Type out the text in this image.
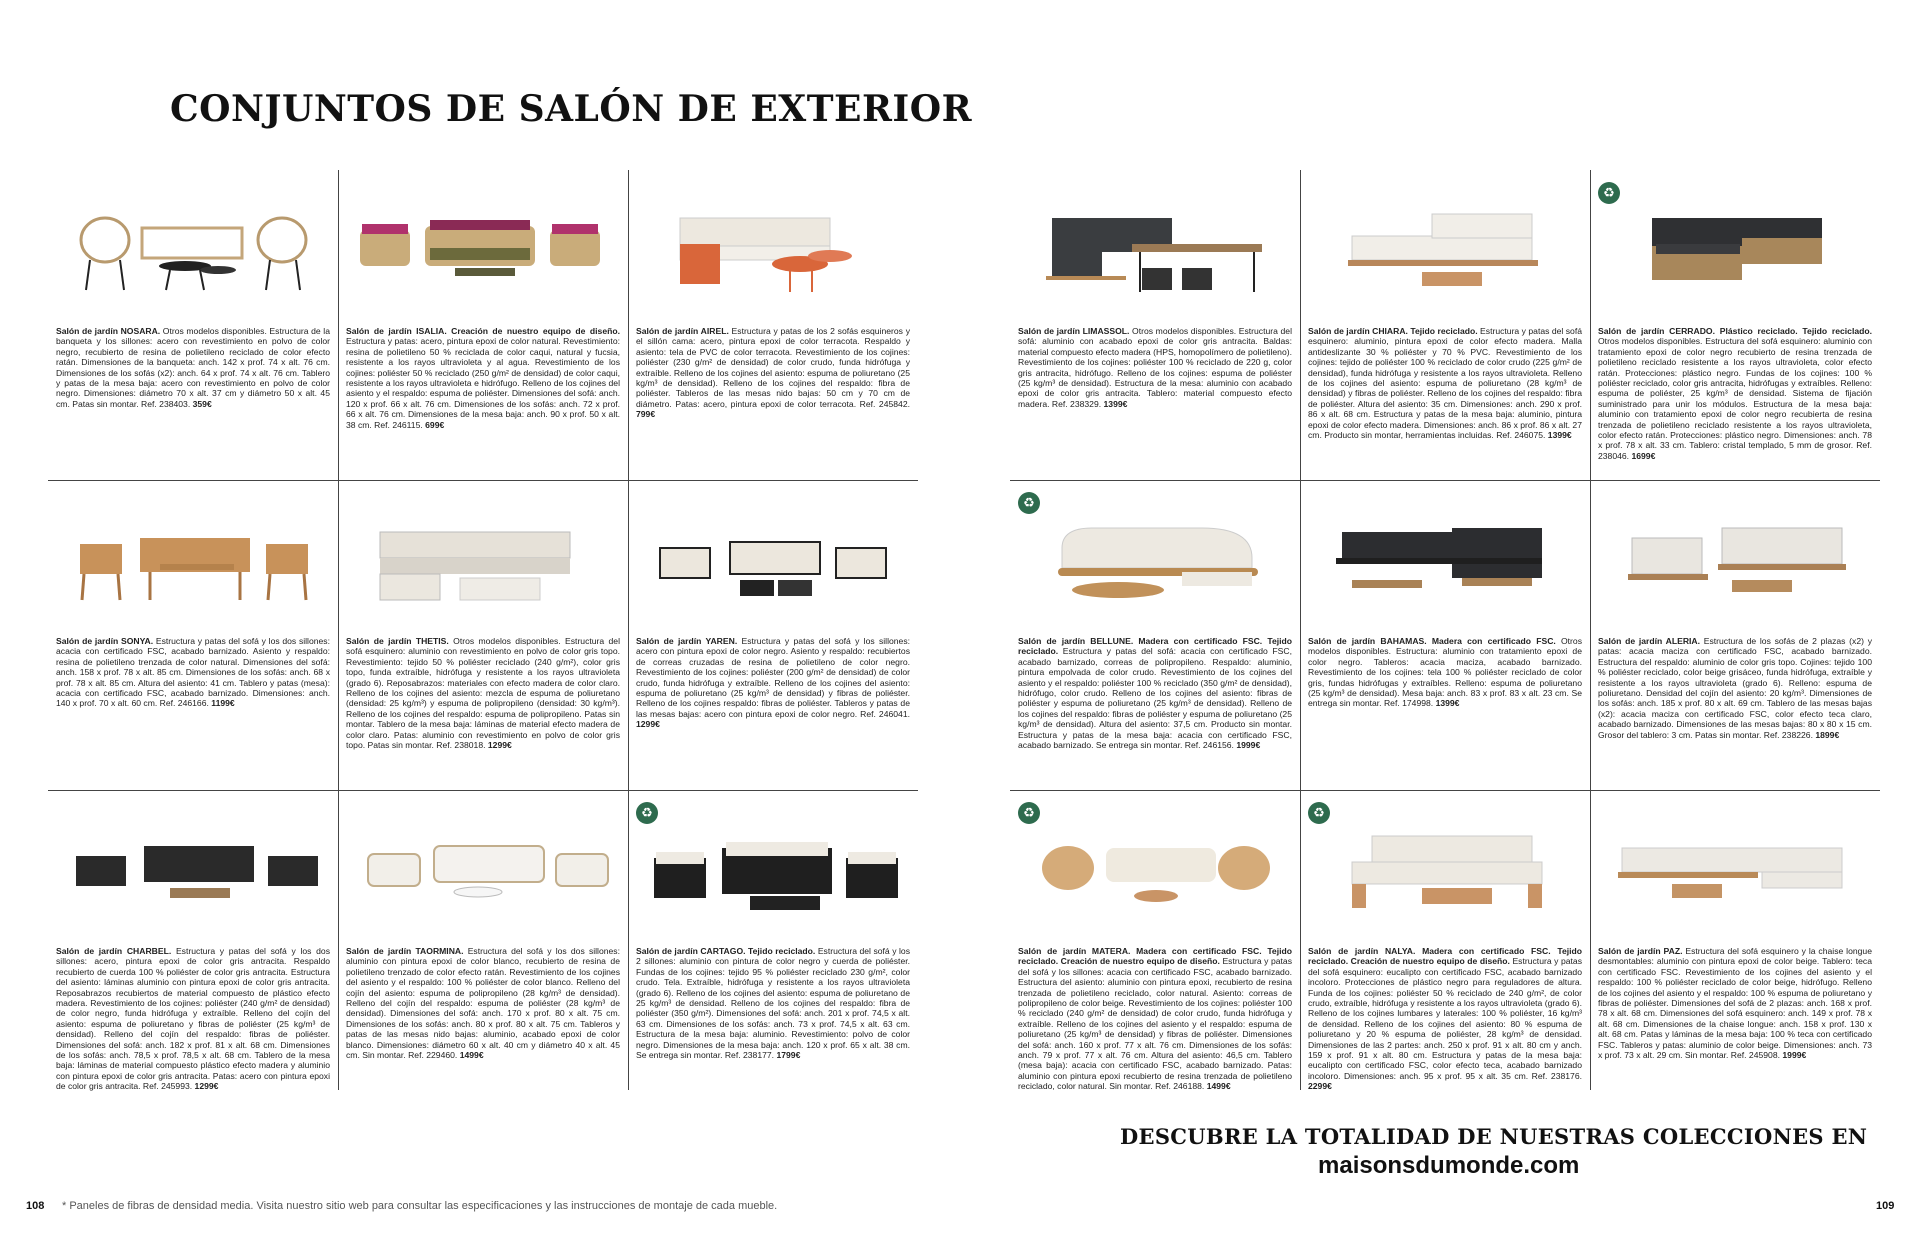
CONJUNTOS DE SALÓN DE EXTERIOR

Salón de jardín NOSARA. Otros modelos disponibles. Estructura de la banqueta y los sillones: acero con revestimiento en polvo de color negro, recubierto de resina de polietileno reciclado de color efecto ratán. Dimensiones de la banqueta: anch. 142 x prof. 74 x alt. 76 cm. Dimensiones de los sofás (x2): anch. 64 x prof. 74 x alt. 76 cm. Tablero y patas de la mesa baja: acero con revestimiento en polvo de color negro. Dimensiones: diámetro 70 x alt. 37 cm y diámetro 50 x alt. 45 cm. Patas sin montar. Ref. 238403. 359€

Salón de jardín ISALIA. Creación de nuestro equipo de diseño. Estructura y patas: acero, pintura epoxi de color natural. Revestimiento: resina de polietileno 50 % reciclada de color caqui, natural y fucsia, resistente a los rayos ultravioleta y al agua. Revestimiento de los cojines: poliéster 50 % reciclado (250 g/m² de densidad) de color caqui, resistente a los rayos ultravioleta e hidrófugo. Relleno de los cojines del asiento y el respaldo: espuma de poliéster. Dimensiones del sofá: anch. 120 x prof. 66 x alt. 76 cm. Dimensiones de los sofás: anch. 72 x prof. 66 x alt. 76 cm. Dimensiones de la mesa baja: anch. 90 x prof. 50 x alt. 38 cm. Ref. 246115. 699€

Salón de jardín AIREL. Estructura y patas de los 2 sofás esquineros y el sillón cama: acero, pintura epoxi de color terracota. Respaldo y asiento: tela de PVC de color terracota. Revestimiento de los cojines: poliéster (230 g/m² de densidad) de color crudo, funda hidrófuga y extraíble. Relleno de los cojines del asiento: espuma de poliuretano (25 kg/m³ de densidad). Relleno de los cojines del respaldo: fibra de poliéster. Tableros de las mesas nido bajas: 50 cm y 70 cm de diámetro. Patas: acero, pintura epoxi de color terracota. Ref. 245842. 799€

Salón de jardín SONYA. Estructura y patas del sofá y los dos sillones: acacia con certificado FSC, acabado barnizado. Asiento y respaldo: resina de polietileno trenzada de color natural. Dimensiones del sofá: anch. 158 x prof. 78 x alt. 85 cm. Dimensiones de los sofás: anch. 68 x prof. 78 x alt. 85 cm. Altura del asiento: 41 cm. Tablero y patas (mesa): acacia con certificado FSC, acabado barnizado. Dimensiones: anch. 140 x prof. 70 x alt. 60 cm. Ref. 246166. 1199€

Salón de jardín THETIS. Otros modelos disponibles. Estructura del sofá esquinero: aluminio con revestimiento en polvo de color gris topo. Revestimiento: tejido 50 % poliéster reciclado (240 g/m²), color gris topo, funda extraíble, hidrófuga y resistente a los rayos ultravioleta (grado 6). Reposabrazos: materiales con efecto madera de color claro. Relleno de los cojines del asiento: mezcla de espuma de poliuretano (densidad: 25 kg/m³) y espuma de polipropileno (densidad: 30 kg/m³). Relleno de los cojines del respaldo: espuma de polipropileno. Patas sin montar. Tablero de la mesa baja: láminas de material efecto madera de color claro. Patas: aluminio con revestimiento en polvo de color gris topo. Patas sin montar. Ref. 238018. 1299€

Salón de jardín YAREN. Estructura y patas del sofá y los sillones: acero con pintura epoxi de color negro. Asiento y respaldo: recubiertos de correas cruzadas de resina de polietileno de color negro. Revestimiento de los cojines: poliéster (200 g/m² de densidad) de color crudo, funda hidrófuga y extraíble. Relleno de los cojines del asiento: espuma de poliuretano (25 kg/m³ de densidad) y fibras de poliéster. Relleno de los cojines respaldo: fibras de poliéster. Tableros y patas de las mesas bajas: acero con pintura epoxi de color negro. Ref. 246041. 1299€

Salón de jardín CHARBEL. Estructura y patas del sofá y los dos sillones: acero, pintura epoxi de color gris antracita. Respaldo recubierto de cuerda 100 % poliéster de color gris antracita. Estructura del asiento: láminas aluminio con pintura epoxi de color gris antracita. Reposabrazos recubiertos de material compuesto de plástico efecto madera. Revestimiento de los cojines: poliéster (240 g/m² de densidad) de color negro, funda hidrófuga y extraíble. Relleno del cojín del asiento: espuma de poliuretano y fibras de poliéster (25 kg/m³ de densidad). Relleno del cojín del respaldo: fibras de poliéster. Dimensiones del sofá: anch. 182 x prof. 81 x alt. 68 cm. Dimensiones de los sofás: anch. 78,5 x prof. 78,5 x alt. 68 cm. Tablero de la mesa baja: láminas de material compuesto plástico efecto madera y aluminio con pintura epoxi de color gris antracita. Patas: acero con pintura epoxi de color gris antracita. Ref. 245993. 1299€

Salón de jardín TAORMINA. Estructura del sofá y los dos sillones: aluminio con pintura epoxi de color blanco, recubierto de resina de polietileno trenzado de color efecto ratán. Revestimiento de los cojines del asiento y el respaldo: 100 % poliéster de color blanco. Relleno del cojín del asiento: espuma de polipropileno (28 kg/m³ de densidad). Relleno del cojín del respaldo: espuma de poliéster (28 kg/m³ de densidad). Dimensiones del sofá: anch. 170 x prof. 80 x alt. 75 cm. Dimensiones de los sofás: anch. 80 x prof. 80 x alt. 75 cm. Tableros y patas de las mesas nido bajas: aluminio, acabado epoxi de color blanco. Dimensiones: diámetro 60 x alt. 40 cm y diámetro 40 x alt. 45 cm. Sin montar. Ref. 229460. 1499€

♻

Salón de jardín CARTAGO. Tejido reciclado. Estructura del sofá y los 2 sillones: aluminio con pintura de color negro y cuerda de poliéster. Fundas de los cojines: tejido 95 % poliéster reciclado 230 g/m², color crudo. Tela. Extraíble, hidrófuga y resistente a los rayos ultravioleta (grado 6). Relleno de los cojines del asiento: espuma de poliuretano de 25 kg/m³ de densidad. Relleno de los cojines del respaldo: fibra de poliéster (350 g/m²). Dimensiones del sofá: anch. 201 x prof. 74,5 x alt. 63 cm. Dimensiones de los sofás: anch. 73 x prof. 74,5 x alt. 63 cm. Estructura de la mesa baja: aluminio. Revestimiento: polvo de color negro. Dimensiones de la mesa baja: anch. 120 x prof. 65 x alt. 38 cm. Se entrega sin montar. Ref. 238177. 1799€

Salón de jardín LIMASSOL. Otros modelos disponibles. Estructura del sofá: aluminio con acabado epoxi de color gris antracita. Baldas: material compuesto efecto madera (HPS, homopolímero de polietileno). Revestimiento de los cojines: poliéster 100 % reciclado de 220 g, color gris antracita, hidrófugo. Relleno de los cojines: espuma de poliéster (25 kg/m³ de densidad). Estructura de la mesa: aluminio con acabado epoxi de color gris antracita. Tablero: material compuesto efecto madera. Ref. 238329. 1399€

Salón de jardín CHIARA. Tejido reciclado. Estructura y patas del sofá esquinero: aluminio, pintura epoxi de color efecto madera. Malla antideslizante 30 % poliéster y 70 % PVC. Revestimiento de los cojines: tejido de poliéster 100 % reciclado de color crudo (225 g/m² de densidad), funda hidrófuga y resistente a los rayos ultravioleta. Relleno de los cojines del asiento: espuma de poliuretano (28 kg/m³ de densidad) y fibras de poliéster. Relleno de los cojines del respaldo: fibra de poliéster. Altura del asiento: 35 cm. Dimensiones: anch. 290 x prof. 86 x alt. 68 cm. Estructura y patas de la mesa baja: aluminio, pintura epoxi de color efecto madera. Dimensiones: anch. 86 x prof. 86 x alt. 27 cm. Producto sin montar, herramientas incluidas. Ref. 246075. 1399€

♻

Salón de jardín CERRADO. Plástico reciclado. Tejido reciclado. Otros modelos disponibles. Estructura del sofá esquinero: aluminio con tratamiento epoxi de color negro recubierto de resina trenzada de polietileno reciclado resistente a los rayos ultravioleta, color efecto ratán. Protecciones: plástico negro. Fundas de los cojines: 100 % poliéster reciclado, color gris antracita, hidrófugas y extraíbles. Relleno: espuma de poliéster, 25 kg/m³ de densidad. Sistema de fijación suministrado para unir los módulos. Estructura de la mesa baja: aluminio con tratamiento epoxi de color negro recubierta de resina trenzada de polietileno reciclado resistente a los rayos ultravioleta, color efecto ratán. Protecciones: plástico negro. Dimensiones: anch. 78 x prof. 78 x alt. 33 cm. Tablero: cristal templado, 5 mm de grosor. Ref. 238046. 1699€

♻

Salón de jardín BELLUNE. Madera con certificado FSC. Tejido reciclado. Estructura y patas del sofá: acacia con certificado FSC, acabado barnizado, correas de polipropileno. Respaldo: aluminio, pintura empolvada de color crudo. Revestimiento de los cojines del asiento y el respaldo: poliéster 100 % reciclado (350 g/m² de densidad), hidrófugo, color crudo. Relleno de los cojines del asiento: fibras de poliéster y espuma de poliuretano (25 kg/m³ de densidad). Relleno de los cojines del respaldo: fibras de poliéster y espuma de poliuretano (25 kg/m³ de densidad). Altura del asiento: 37,5 cm. Producto sin montar. Estructura y patas de la mesa baja: acacia con certificado FSC, acabado barnizado. Se entrega sin montar. Ref. 246156. 1999€

Salón de jardín BAHAMAS. Madera con certificado FSC. Otros modelos disponibles. Estructura: aluminio con tratamiento epoxi de color negro. Tableros: acacia maciza, acabado barnizado. Revestimiento de los cojines: tela 100 % poliéster reciclado de color gris, fundas hidrófugas y extraíbles. Relleno: espuma de poliuretano (25 kg/m³ de densidad). Mesa baja: anch. 83 x prof. 83 x alt. 23 cm. Se entrega sin montar. Ref. 174998. 1399€

Salón de jardín ALERIA. Estructura de los sofás de 2 plazas (x2) y patas: acacia maciza con certificado FSC, acabado barnizado. Estructura del respaldo: aluminio de color gris topo. Cojines: tejido 100 % poliéster reciclado, color beige grisáceo, funda hidrófuga, extraíble y resistente a los rayos ultravioleta (grado 6). Relleno: espuma de poliuretano. Densidad del cojín del asiento: 20 kg/m³. Dimensiones de los sofás: anch. 185 x prof. 80 x alt. 69 cm. Tablero de las mesas bajas (x2): acacia maciza con certificado FSC, color efecto teca claro, acabado barnizado. Dimensiones de las mesas bajas: 80 x 80 x 15 cm. Grosor del tablero: 3 cm. Patas sin montar. Ref. 238226. 1899€

♻

Salón de jardín MATERA. Madera con certificado FSC. Tejido reciclado. Creación de nuestro equipo de diseño. Estructura y patas del sofá y los sillones: acacia con certificado FSC, acabado barnizado. Estructura del asiento: aluminio con pintura epoxi, recubierto de resina trenzada de polietileno reciclado, color natural. Asiento: correas de polipropileno de color beige. Revestimiento de los cojines: poliéster 100 % reciclado (240 g/m² de densidad) de color crudo, funda hidrófuga y extraíble. Relleno de los cojines del asiento y el respaldo: espuma de poliuretano (25 kg/m³ de densidad) y fibras de poliéster. Dimensiones del sofá: anch. 160 x prof. 77 x alt. 76 cm. Dimensiones de los sofás: anch. 79 x prof. 77 x alt. 76 cm. Altura del asiento: 46,5 cm. Tablero (mesa baja): acacia con certificado FSC, acabado barnizado. Patas: aluminio con pintura epoxi recubierto de resina trenzada de polietileno reciclado, color natural. Sin montar. Ref. 246188. 1499€

♻

Salón de jardín NALYA. Madera con certificado FSC. Tejido reciclado. Creación de nuestro equipo de diseño. Estructura y patas del sofá esquinero: eucalipto con certificado FSC, acabado barnizado incoloro. Protecciones de plástico negro para reguladores de altura. Funda de los cojines: poliéster 50 % reciclado de 240 g/m², de color crudo, extraíble, hidrófuga y resistente a los rayos ultravioleta (grado 6). Relleno de los cojines lumbares y laterales: 100 % poliéster, 16 kg/m³ de densidad. Relleno de los cojines del asiento: 80 % espuma de poliuretano y 20 % espuma de poliéster, 28 kg/m³ de densidad. Dimensiones de las 2 partes: anch. 250 x prof. 91 x alt. 80 cm y anch. 159 x prof. 91 x alt. 80 cm. Estructura y patas de la mesa baja: eucalipto con certificado FSC, color efecto teca, acabado barnizado incoloro. Dimensiones: anch. 95 x prof. 95 x alt. 35 cm. Ref. 238176. 2299€

Salón de jardín PAZ. Estructura del sofá esquinero y la chaise longue desmontables: aluminio con pintura epoxi de color beige. Tablero: teca con certificado FSC. Revestimiento de los cojines del asiento y el respaldo: 100 % poliéster reciclado de color beige, hidrófugo. Relleno de los cojines del asiento y el respaldo: 100 % espuma de poliuretano y fibras de poliéster. Dimensiones del sofá de 2 plazas: anch. 168 x prof. 78 x alt. 68 cm. Dimensiones del sofá esquinero: anch. 149 x prof. 78 x alt. 68 cm. Dimensiones de la chaise longue: anch. 158 x prof. 130 x alt. 68 cm. Patas y láminas de la mesa baja: 100 % teca con certificado FSC. Tableros y patas: aluminio de color beige. Dimensiones: anch. 73 x prof. 73 x alt. 29 cm. Sin montar. Ref. 245908. 1999€

DESCUBRE LA TOTALIDAD DE NUESTRAS COLECCIONES EN
maisonsdumonde.com
108 * Paneles de fibras de densidad media. Visita nuestro sitio web para consultar las especificaciones y las instrucciones de montaje de cada mueble.	109
